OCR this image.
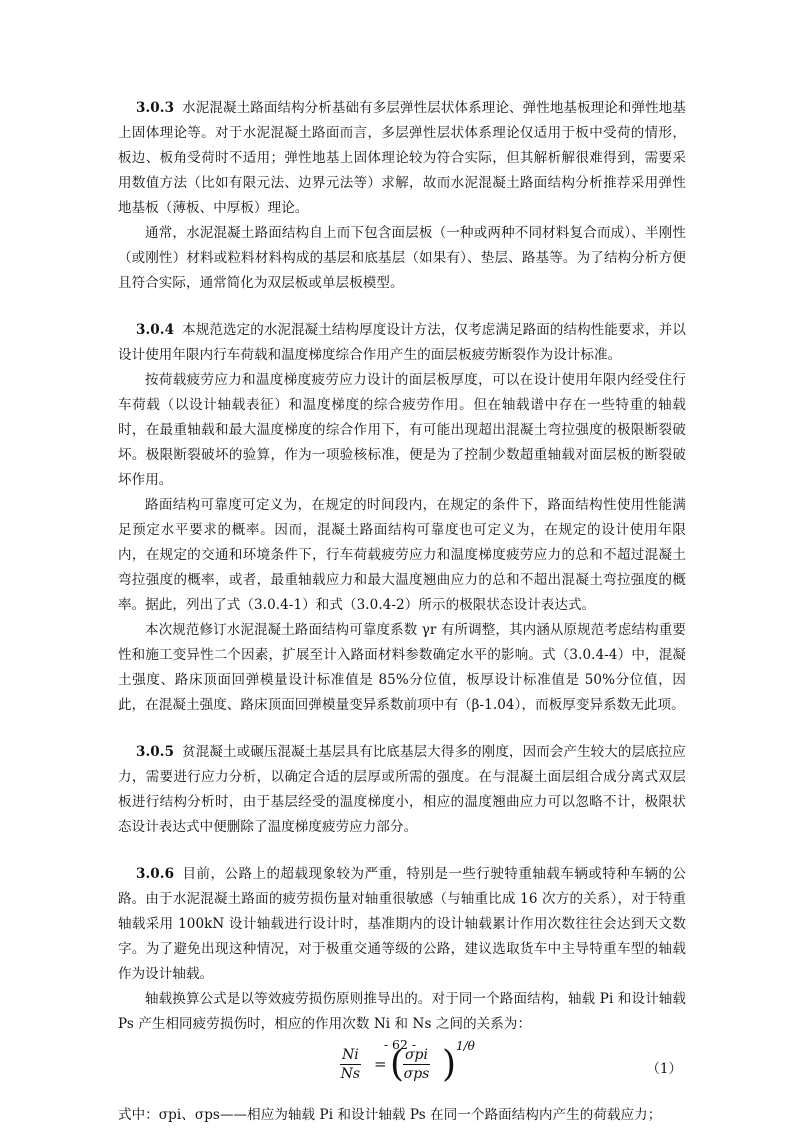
3.0.3 水泥混凝土路面结构分析基础有多层弹性层状体系理论、弹性地基板理论和弹性地基上固体理论等。对于水泥混凝土路面而言，多层弹性层状体系理论仅适用于板中受荷的情形，板边、板角受荷时不适用；弹性地基上固体理论较为符合实际，但其解析解很难得到，需要采用数值方法（比如有限元法、边界元法等）求解，故而水泥混凝土路面结构分析推荐采用弹性地基板（薄板、中厚板）理论。

通常，水泥混凝土路面结构自上而下包含面层板（一种或两种不同材料复合而成）、半刚性（或刚性）材料或粒料材料构成的基层和底基层（如果有）、垫层、路基等。为了结构分析方便且符合实际，通常简化为双层板或单层板模型。

3.0.4 本规范选定的水泥混凝土结构厚度设计方法，仅考虑满足路面的结构性能要求，并以设计使用年限内行车荷载和温度梯度综合作用产生的面层板疲劳断裂作为设计标准。

按荷载疲劳应力和温度梯度疲劳应力设计的面层板厚度，可以在设计使用年限内经受住行车荷载（以设计轴载表征）和温度梯度的综合疲劳作用。但在轴载谱中存在一些特重的轴载时，在最重轴载和最大温度梯度的综合作用下，有可能出现超出混凝土弯拉强度的极限断裂破坏。极限断裂破坏的验算，作为一项验核标准，便是为了控制少数超重轴载对面层板的断裂破坏作用。

路面结构可靠度可定义为，在规定的时间段内，在规定的条件下，路面结构性使用性能满足预定水平要求的概率。因而，混凝土路面结构可靠度也可定义为，在规定的设计使用年限内，在规定的交通和环境条件下，行车荷载疲劳应力和温度梯度疲劳应力的总和不超过混凝土弯拉强度的概率，或者，最重轴载应力和最大温度翘曲应力的总和不超出混凝土弯拉强度的概率。据此，列出了式（3.0.4-1）和式（3.0.4-2）所示的极限状态设计表达式。

本次规范修订水泥混凝土路面结构可靠度系数 γr 有所调整，其内涵从原规范考虑结构重要性和施工变异性二个因素，扩展至计入路面材料参数确定水平的影响。式（3.0.4-4）中，混凝土强度、路床顶面回弹模量设计标准值是 85%分位值，板厚设计标准值是 50%分位值，因此，在混凝土强度、路床顶面回弹模量变异系数前项中有（β-1.04），而板厚变异系数无此项。

3.0.5 贫混凝土或碾压混凝土基层具有比底基层大得多的刚度，因而会产生较大的层底拉应力，需要进行应力分析，以确定合适的层厚或所需的强度。在与混凝土面层组合成分离式双层板进行结构分析时，由于基层经受的温度梯度小，相应的温度翘曲应力可以忽略不计，极限状态设计表达式中便删除了温度梯度疲劳应力部分。

3.0.6 目前，公路上的超载现象较为严重，特别是一些行驶特重轴载车辆或特种车辆的公路。由于水泥混凝土路面的疲劳损伤量对轴重很敏感（与轴重比成 16 次方的关系），对于特重轴载采用 100kN 设计轴载进行设计时，基准期内的设计轴载累计作用次数往往会达到天文数字。为了避免出现这种情况，对于极重交通等级的公路，建议选取货车中主导特重车型的轴载作为设计轴载。

轴载换算公式是以等效疲劳损伤原则推导出的。对于同一个路面结构，轴载 Pi 和设计轴载 Ps 产生相同疲劳损伤时，相应的作用次数 Ni 和 Ns 之间的关系为：

$\frac{Ni}{Ns}$ = ( σpi
σps ) 1/θ
（1）

式中：σpi、σps——相应为轴载 Pi 和设计轴载 Ps 在同一个路面结构内产生的荷载应力；

- 62 -
